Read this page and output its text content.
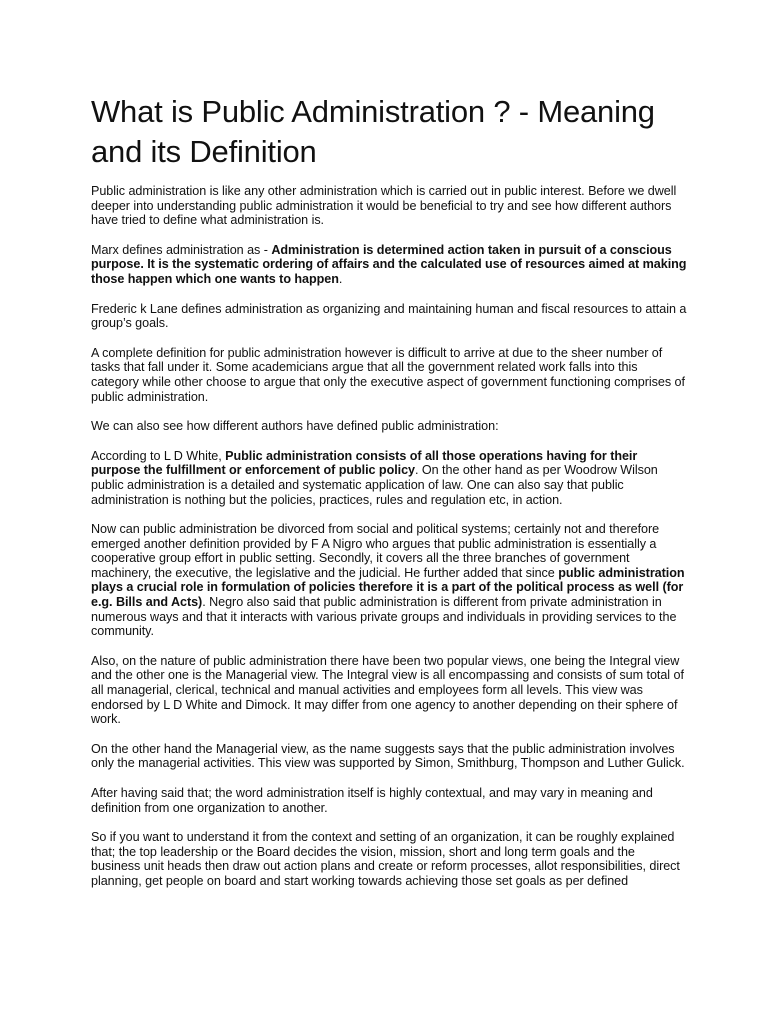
What is Public Administration ? - Meaning and its Definition

Public administration is like any other administration which is carried out in public interest. Before we dwell deeper into understanding public administration it would be beneficial to try and see how different authors have tried to define what administration is.

Marx defines administration as - Administration is determined action taken in pursuit of a conscious purpose. It is the systematic ordering of affairs and the calculated use of resources aimed at making those happen which one wants to happen.

Frederic k Lane defines administration as organizing and maintaining human and fiscal resources to attain a group’s goals.

A complete definition for public administration however is difficult to arrive at due to the sheer number of tasks that fall under it. Some academicians argue that all the government related work falls into this category while other choose to argue that only the executive aspect of government functioning comprises of public administration.

We can also see how different authors have defined public administration:

According to L D White, Public administration consists of all those operations having for their purpose the fulfillment or enforcement of public policy. On the other hand as per Woodrow Wilson public administration is a detailed and systematic application of law. One can also say that public administration is nothing but the policies, practices, rules and regulation etc, in action.

Now can public administration be divorced from social and political systems; certainly not and therefore emerged another definition provided by F A Nigro who argues that public administration is essentially a cooperative group effort in public setting. Secondly, it covers all the three branches of government machinery, the executive, the legislative and the judicial. He further added that since public administration plays a crucial role in formulation of policies therefore it is a part of the political process as well (for e.g. Bills and Acts). Negro also said that public administration is different from private administration in numerous ways and that it interacts with various private groups and individuals in providing services to the community.

Also, on the nature of public administration there have been two popular views, one being the Integral view and the other one is the Managerial view. The Integral view is all encompassing and consists of sum total of all managerial, clerical, technical and manual activities and employees form all levels. This view was endorsed by L D White and Dimock. It may differ from one agency to another depending on their sphere of work.

On the other hand the Managerial view, as the name suggests says that the public administration involves only the managerial activities. This view was supported by Simon, Smithburg, Thompson and Luther Gulick.

After having said that; the word administration itself is highly contextual, and may vary in meaning and definition from one organization to another.

So if you want to understand it from the context and setting of an organization, it can be roughly explained that; the top leadership or the Board decides the vision, mission, short and long term goals and the business unit heads then draw out action plans and create or reform processes, allot responsibilities, direct planning, get people on board and start working towards achieving those set goals as per defined
